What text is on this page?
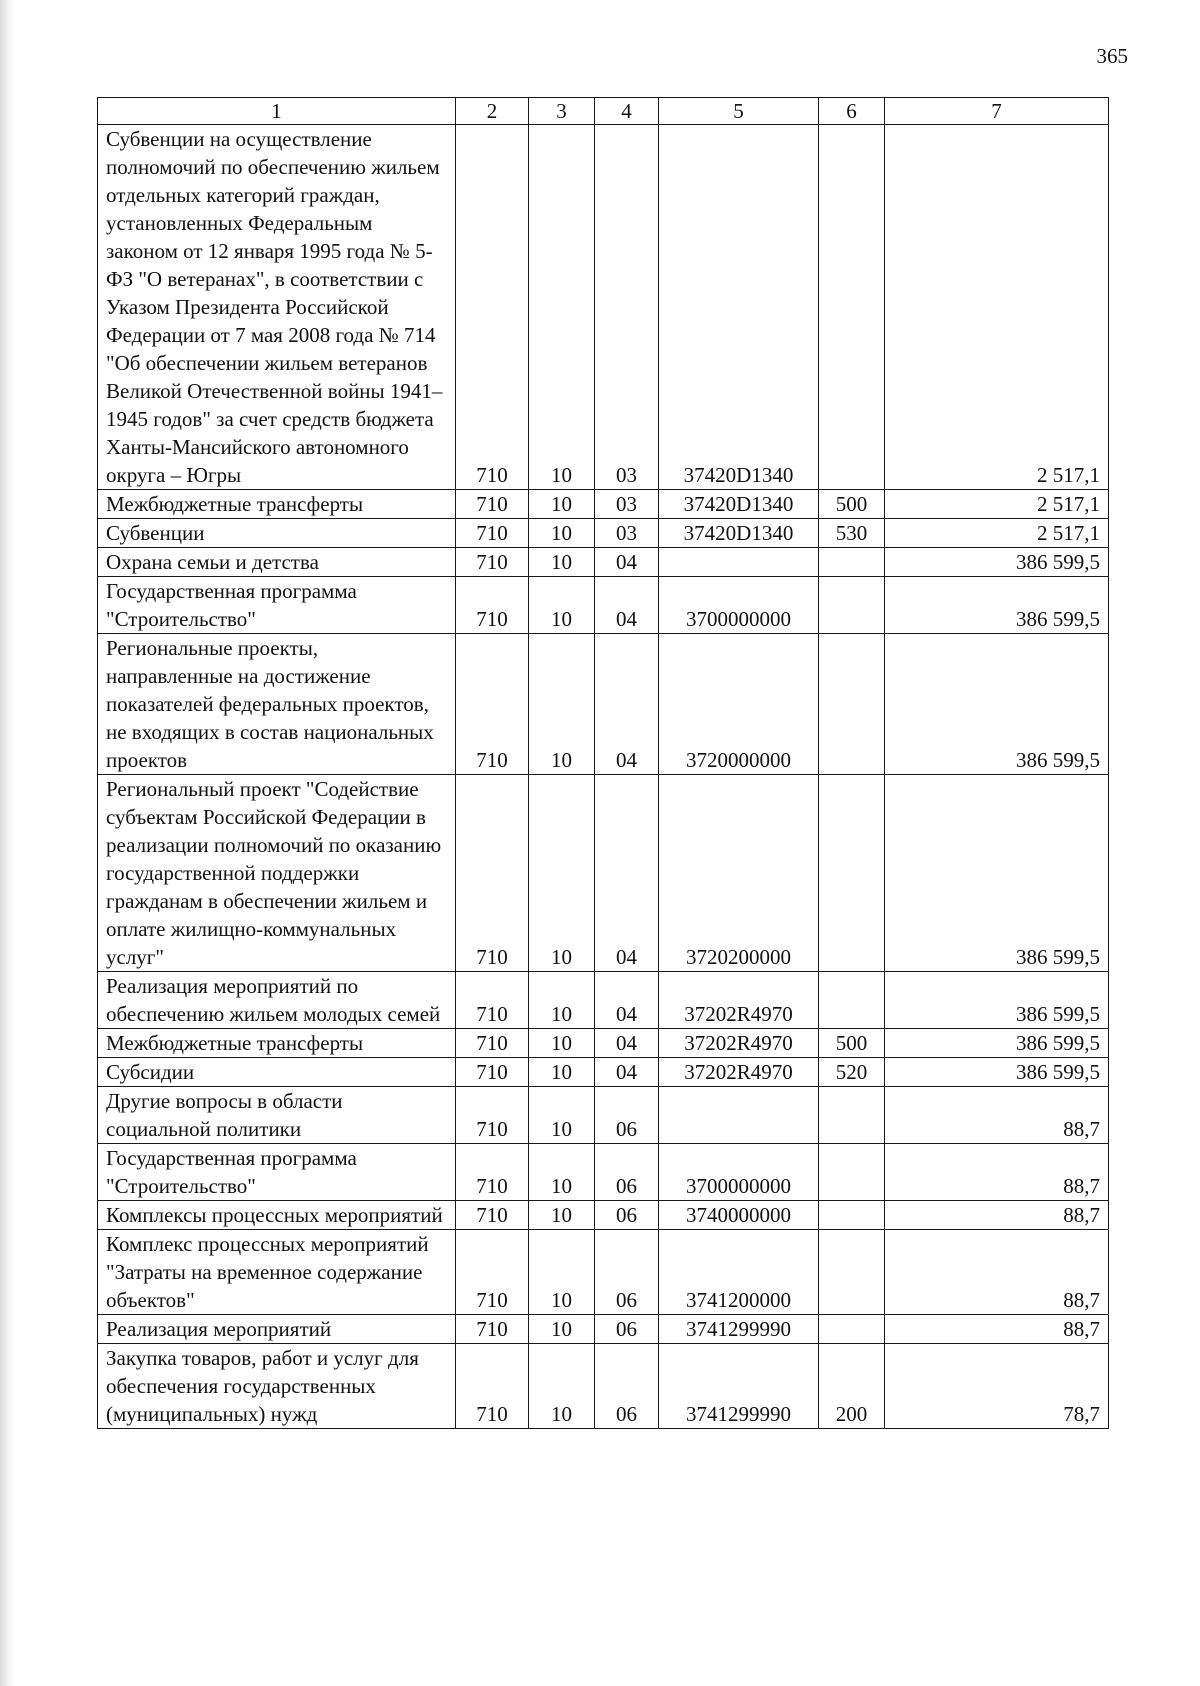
365
1	2	3	4	5	6	7
Субвенции на осуществление полномочий по обеспечению жильем отдельных категорий граждан, установленных Федеральным законом от 12 января 1995 года № 5-ФЗ "О ветеранах", в соответствии с Указом Президента Российской Федерации от 7 мая 2008 года № 714 "Об обеспечении жильем ветеранов Великой Отечественной войны 1941–1945 годов" за счет средств бюджета Ханты-Мансийского автономного округа – Югры	710	10	03	37420D1340		2 517,1
Межбюджетные трансферты	710	10	03	37420D1340	500	2 517,1
Субвенции	710	10	03	37420D1340	530	2 517,1
Охрана семьи и детства	710	10	04			386 599,5
Государственная программа "Строительство"	710	10	04	3700000000		386 599,5
Региональные проекты, направленные на достижение показателей федеральных проектов, не входящих в состав национальных проектов	710	10	04	3720000000		386 599,5
Региональный проект "Содействие субъектам Российской Федерации в реализации полномочий по оказанию государственной поддержки гражданам в обеспечении жильем и оплате жилищно-коммунальных услуг"	710	10	04	3720200000		386 599,5
Реализация мероприятий по обеспечению жильем молодых семей	710	10	04	37202R4970		386 599,5
Межбюджетные трансферты	710	10	04	37202R4970	500	386 599,5
Субсидии	710	10	04	37202R4970	520	386 599,5
Другие вопросы в области социальной политики	710	10	06			88,7
Государственная программа "Строительство"	710	10	06	3700000000		88,7
Комплексы процессных мероприятий	710	10	06	3740000000		88,7
Комплекс процессных мероприятий "Затраты на временное содержание объектов"	710	10	06	3741200000		88,7
Реализация мероприятий	710	10	06	3741299990		88,7
Закупка товаров, работ и услуг для обеспечения государственных (муниципальных) нужд	710	10	06	3741299990	200	78,7
